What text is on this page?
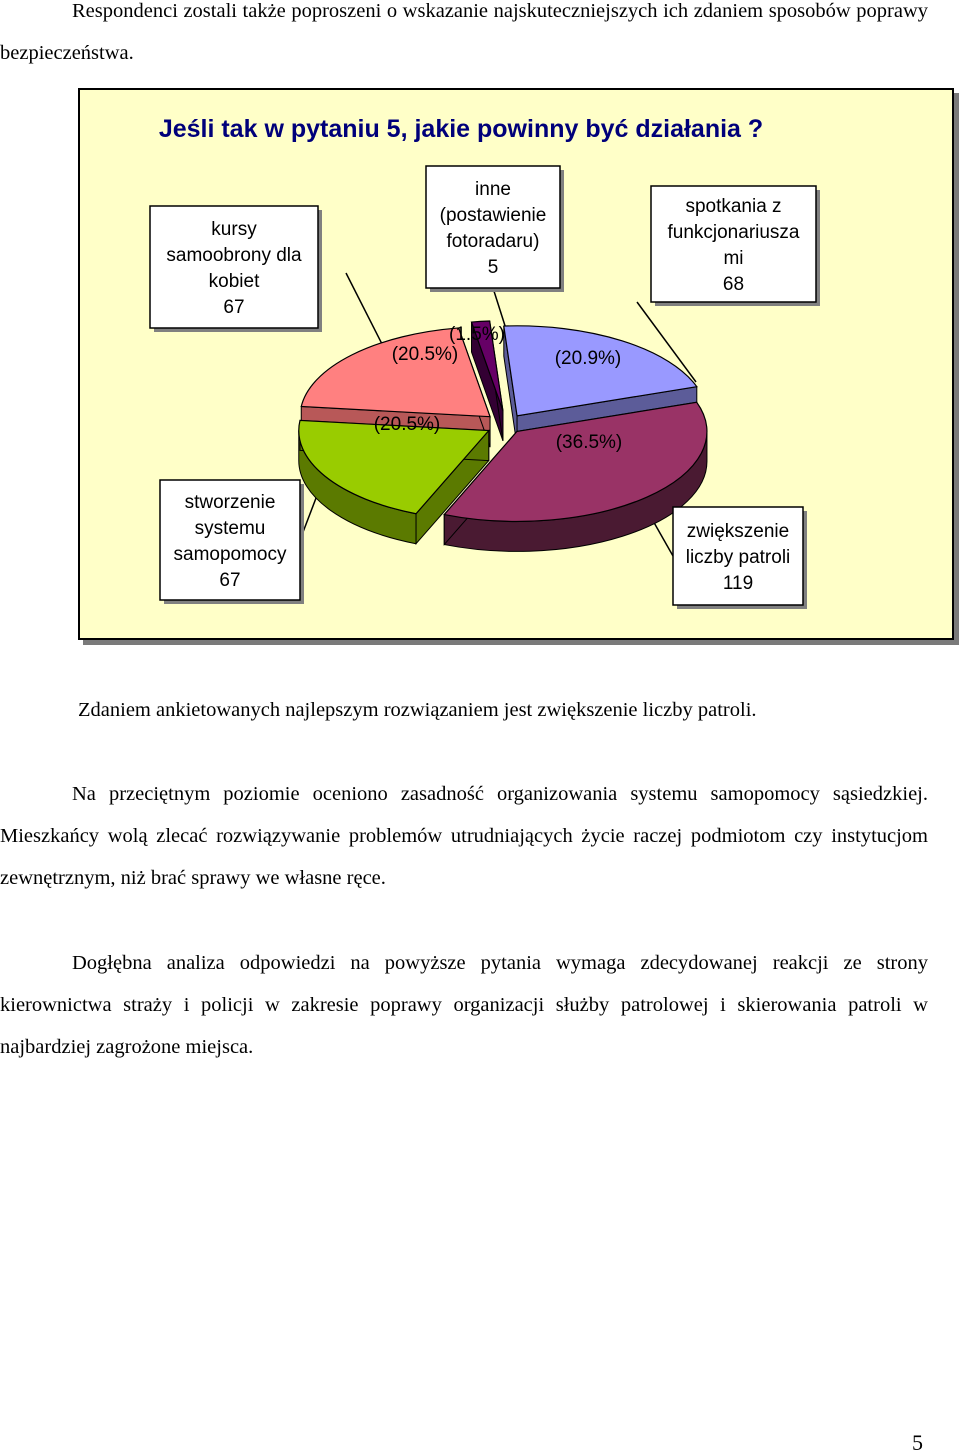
Respondenci zostali także poproszeni o wskazanie najskuteczniejszych ich zdaniem sposobów poprawy bezpieczeństwa.

Jeśli tak w pytaniu 5, jakie powinny być działania ?
(20.9%)
(36.5%)
(20.5%)
(20.5%)
(1.5%)
spotkania z
funkcjonariusza
mi
68
zwiększenie
liczby patroli
119
stworzenie
systemu
samopomocy
67
kursy
samoobrony dla
kobiet
67
inne
(postawienie
fotoradaru)
5

Zdaniem ankietowanych najlepszym rozwiązaniem jest zwiększenie liczby patroli.

Na przeciętnym poziomie oceniono zasadność organizowania systemu samopomocy sąsiedzkiej. Mieszkańcy wolą zlecać rozwiązywanie problemów utrudniających życie raczej podmiotom czy instytucjom zewnętrznym, niż brać sprawy we własne ręce.

Dogłębna analiza odpowiedzi na powyższe pytania wymaga zdecydowanej reakcji ze strony kierownictwa straży i policji w zakresie poprawy organizacji służby patrolowej i skierowania patroli w najbardziej zagrożone miejsca.

5
